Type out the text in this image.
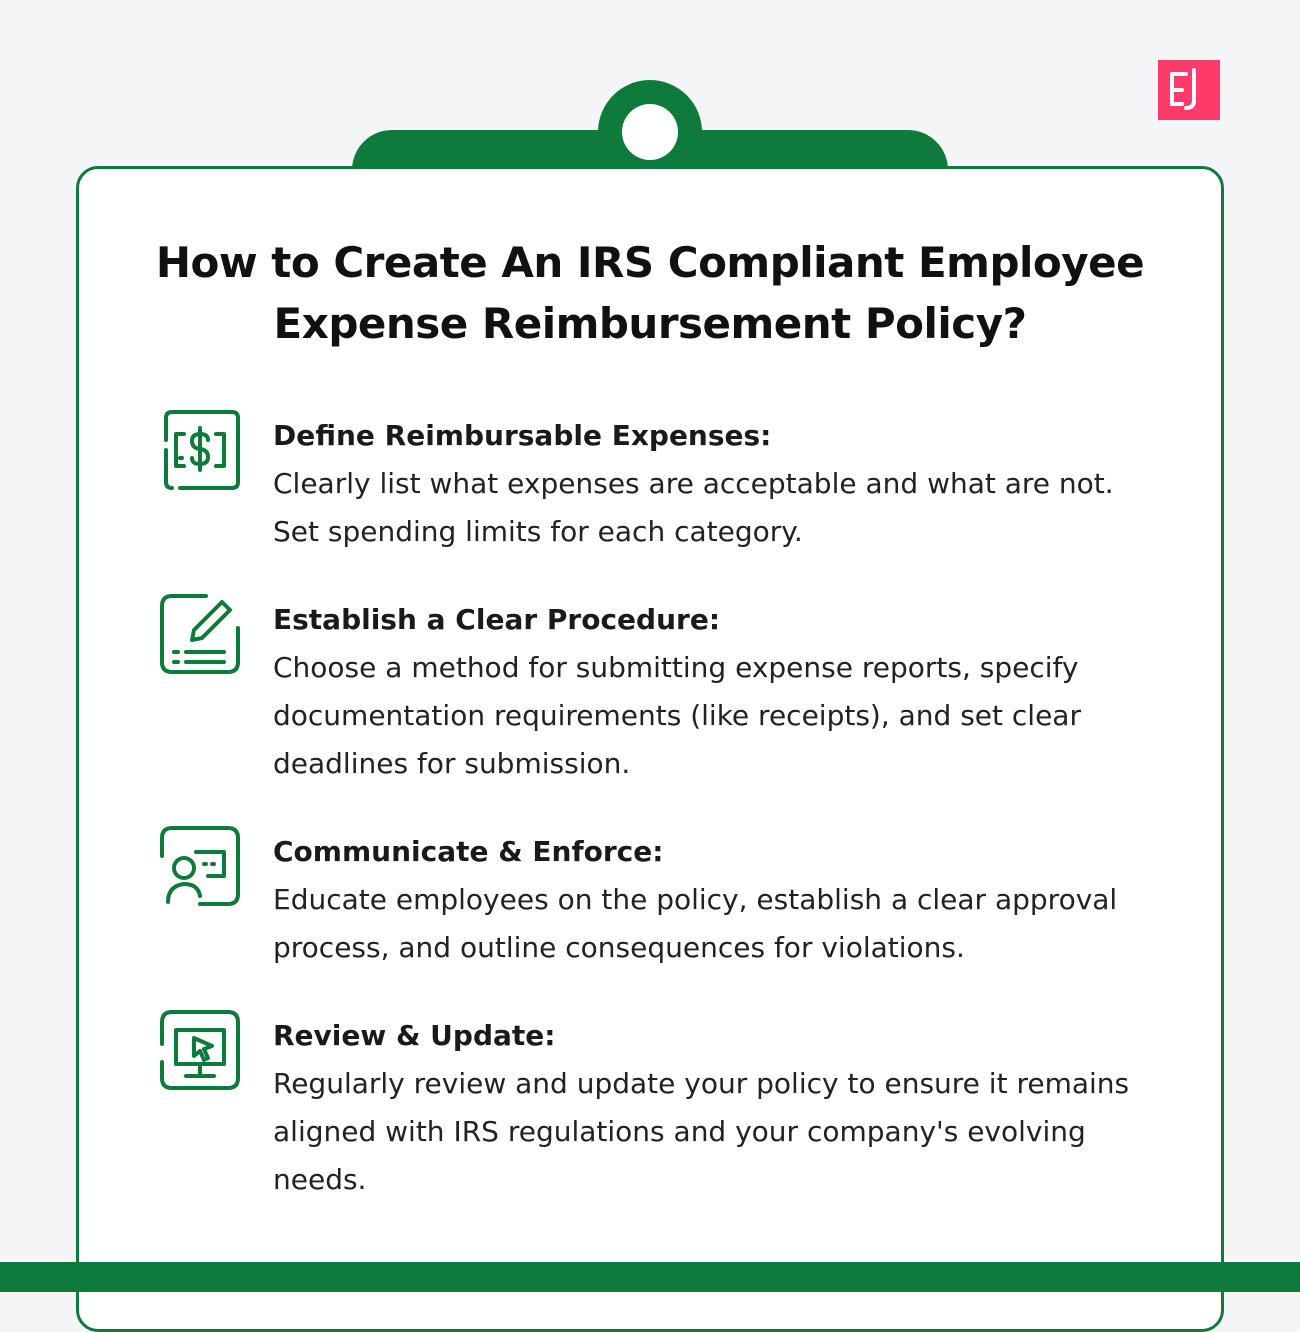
How to Create An IRS Compliant Employee
Expense Reimbursement Policy?
Define Reimbursable Expenses:
Clearly list what expenses are acceptable and what are not. Set spending limits for each category.
Establish a Clear Procedure:
Choose a method for submitting expense reports, specify documentation requirements (like receipts), and set clear deadlines for submission.
Communicate & Enforce:
Educate employees on the policy, establish a clear approval process, and outline consequences for violations.
Review & Update:
Regularly review and update your policy to ensure it remains aligned with IRS regulations and your company's evolving needs.
